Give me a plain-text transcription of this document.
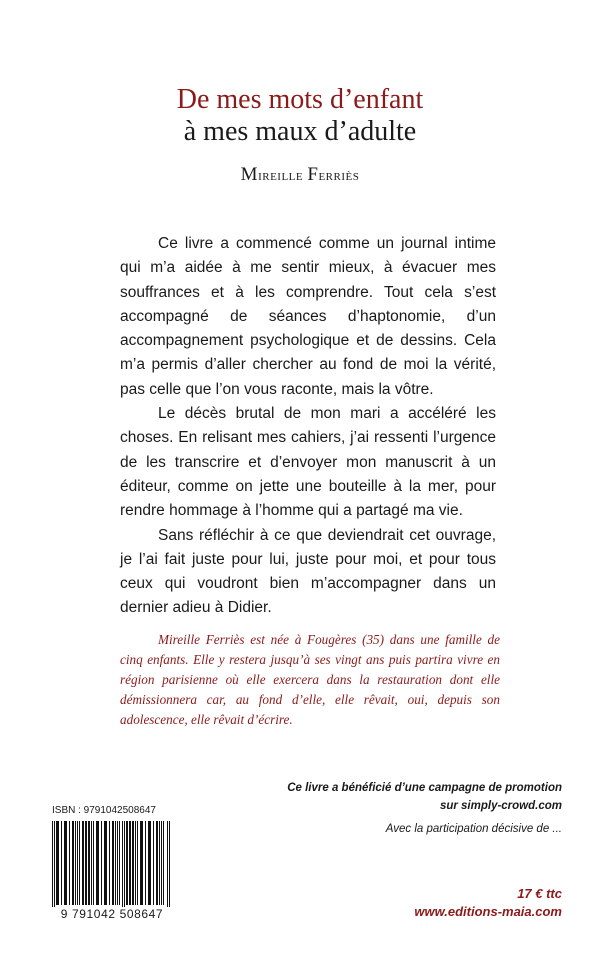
De mes mots d’enfant
à mes maux d’adulte
Mireille Ferriès

Ce livre a commencé comme un journal intime qui m’a aidée à me sentir mieux, à évacuer mes souffrances et à les comprendre. Tout cela s’est accompagné de séances d’haptonomie, d’un accompagnement psychologique et de dessins. Cela m’a permis d’aller chercher au fond de moi la vérité, pas celle que l’on vous raconte, mais la vôtre.

Le décès brutal de mon mari a accéléré les choses. En relisant mes cahiers, j’ai ressenti l’urgence de les transcrire et d’envoyer mon manuscrit à un éditeur, comme on jette une bouteille à la mer, pour rendre hommage à l’homme qui a partagé ma vie.

Sans réfléchir à ce que deviendrait cet ouvrage, je l’ai fait juste pour lui, juste pour moi, et pour tous ceux qui voudront bien m’accompagner dans un dernier adieu à Didier.

Mireille Ferriès est née à Fougères (35) dans une famille de cinq enfants. Elle y restera jusqu’à ses vingt ans puis partira vivre en région parisienne où elle exercera dans la restauration dont elle démissionnera car, au fond d’elle, elle rêvait, oui, depuis son adolescence, elle rêvait d’écrire.

Ce livre a bénéficié d’une campagne de promotion
sur simply-crowd.com
Avec la participation décisive de ...
ISBN : 9791042508647
9 791042 508647
17 € ttc
www.editions-maia.com
